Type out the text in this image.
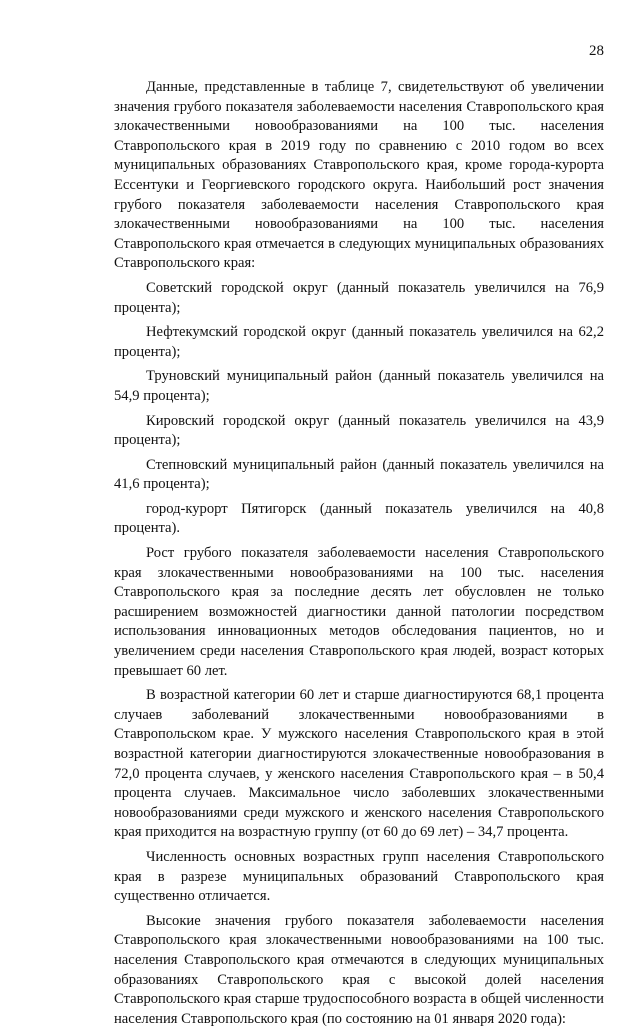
28

Данные, представленные в таблице 7, свидетельствуют об увеличении значения грубого показателя заболеваемости населения Ставропольского края злокачественными новообразованиями на 100 тыс. населения Ставропольского края в 2019 году по сравнению с 2010 годом во всех муниципальных образованиях Ставропольского края, кроме города-курорта Ессентуки и Георгиевского городского округа. Наибольший рост значения грубого показателя заболеваемости населения Ставропольского края злокачественными новообразованиями на 100 тыс. населения Ставропольского края отмечается в следующих муниципальных образованиях Ставропольского края:

Советский городской округ (данный показатель увеличился на 76,9 процента);

Нефтекумский городской округ (данный показатель увеличился на 62,2 процента);

Труновский муниципальный район (данный показатель увеличился на 54,9 процента);

Кировский городской округ (данный показатель увеличился на 43,9 процента);

Степновский муниципальный район (данный показатель увеличился на 41,6 процента);

город-курорт Пятигорск (данный показатель увеличился на 40,8 процента).

Рост грубого показателя заболеваемости населения Ставропольского края злокачественными новообразованиями на 100 тыс. населения Ставропольского края за последние десять лет обусловлен не только расширением возможностей диагностики данной патологии посредством использования инновационных методов обследования пациентов, но и увеличением среди населения Ставропольского края людей, возраст которых превышает 60 лет.

В возрастной категории 60 лет и старше диагностируются 68,1 процента случаев заболеваний злокачественными новообразованиями в Ставропольском крае. У мужского населения Ставропольского края в этой возрастной категории диагностируются злокачественные новообразования в 72,0 процента случаев, у женского населения Ставропольского края – в 50,4 процента случаев. Максимальное число заболевших злокачественными новообразованиями среди мужского и женского населения Ставропольского края приходится на возрастную группу (от 60 до 69 лет) – 34,7 процента.

Численность основных возрастных групп населения Ставропольского края в разрезе муниципальных образований Ставропольского края существенно отличается.

Высокие значения грубого показателя заболеваемости населения Ставропольского края злокачественными новообразованиями на 100 тыс. населения Ставропольского края отмечаются в следующих муниципальных образованиях Ставропольского края с высокой долей населения Ставропольского края старше трудоспособного возраста в общей численности населения Ставропольского края (по состоянию на 01 января 2020 года):
